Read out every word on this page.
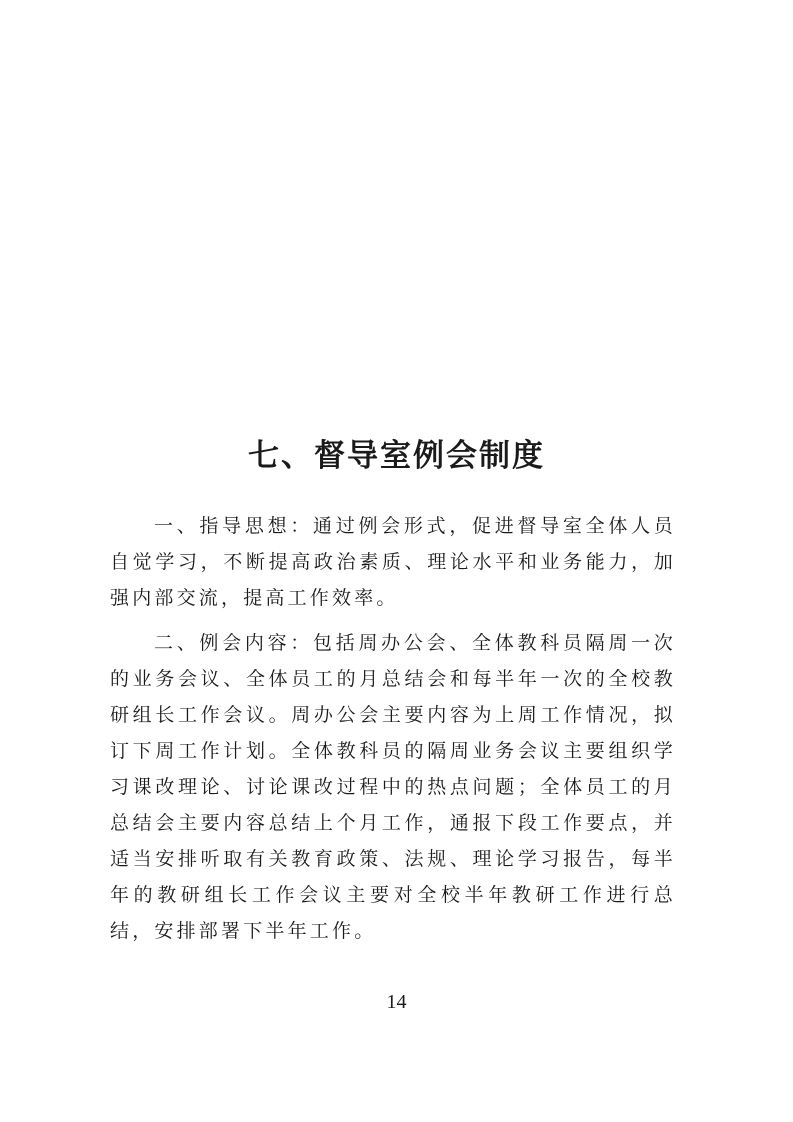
七、督导室例会制度

一、指导思想：通过例会形式，促进督导室全体人员自觉学习，不断提高政治素质、理论水平和业务能力，加强内部交流，提高工作效率。

二、例会内容：包括周办公会、全体教科员隔周一次的业务会议、全体员工的月总结会和每半年一次的全校教研组长工作会议。周办公会主要内容为上周工作情况，拟订下周工作计划。全体教科员的隔周业务会议主要组织学习课改理论、讨论课改过程中的热点问题；全体员工的月总结会主要内容总结上个月工作，通报下段工作要点，并适当安排听取有关教育政策、法规、理论学习报告，每半年的教研组长工作会议主要对全校半年教研工作进行总结，安排部署下半年工作。

14
